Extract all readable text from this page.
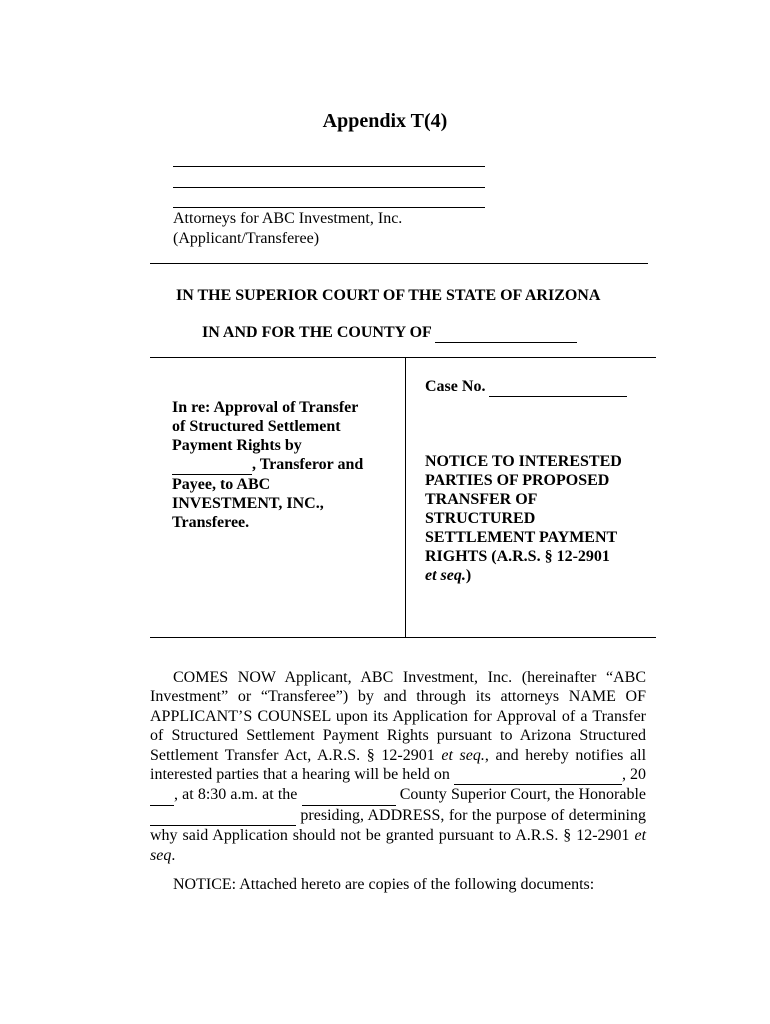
Appendix T(4)
Attorneys for ABC Investment, Inc.
(Applicant/Transferee)
IN THE SUPERIOR COURT OF THE STATE OF ARIZONA
IN AND FOR THE COUNTY OF
In re: Approval of Transfer
of Structured Settlement
Payment Rights by
, Transferor and
Payee, to ABC
INVESTMENT, INC.,
Transferee.
Case No.
NOTICE TO INTERESTED
PARTIES OF PROPOSED
TRANSFER OF
STRUCTURED
SETTLEMENT PAYMENT
RIGHTS (A.R.S. § 12-2901
et seq.)

COMES NOW Applicant, ABC Investment, Inc. (hereinafter “ABC Investment” or “Transferee”) by and through its attorneys NAME OF APPLICANT’S COUNSEL upon its Application for Approval of a Transfer of Structured Settlement Payment Rights pursuant to Arizona Structured Settlement Transfer Act, A.R.S. § 12-2901 et seq., and hereby notifies all interested parties that a hearing will be held on	, 20 , at 8:30 a.m. at the	County Superior Court, the Honorable   presiding, ADDRESS, for the purpose of determining why said Application should not be granted pursuant to A.R.S. § 12-2901 et seq.

NOTICE: Attached hereto are copies of the following documents:
